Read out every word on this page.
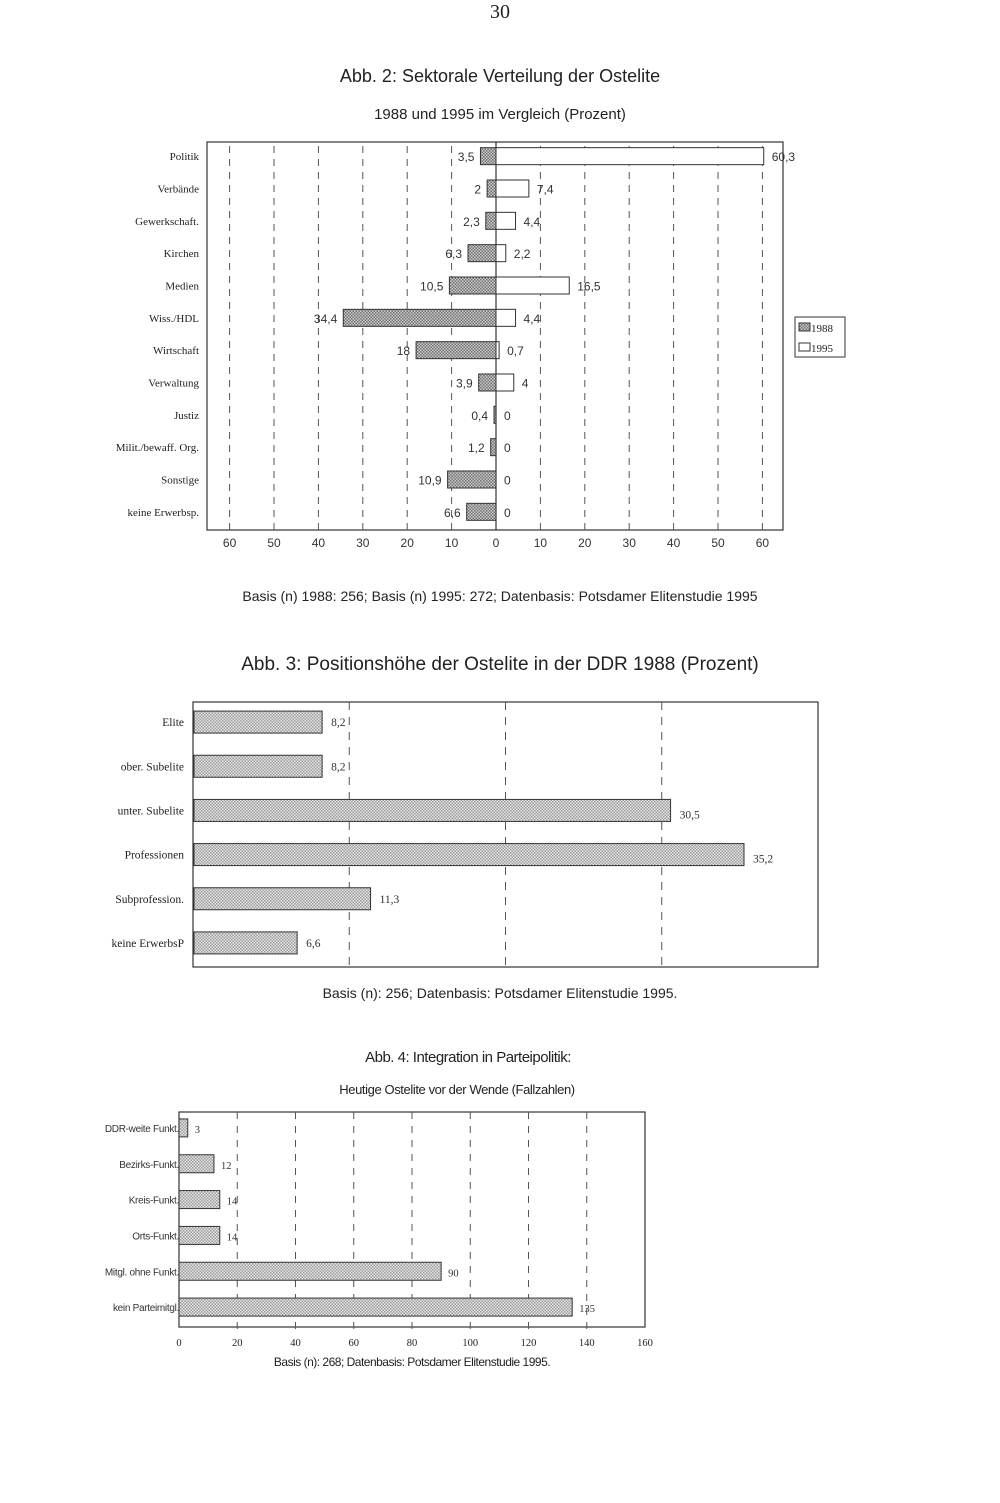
30
Abb. 2: Sektorale Verteilung der Ostelite
1988 und 1995 im Vergleich (Prozent)
60	50	40	30	20	10	0	10	20	30	40	50	60
Politik	3,5	60,3
Verbände	2	7,4
Gewerkschaft.	2,3	4,4
Kirchen	6,3	2,2
Medien	10,5	16,5
Wiss./HDL	34,4	4,4
Wirtschaft	18	0,7
Verwaltung	3,9	4
Justiz	0,4 0
Milit./bewaff. Org.	1,2 0
Sonstige	10,9	0
keine Erwerbsp.	6,6	0
1988
1995
Basis (n) 1988: 256; Basis (n) 1995: 272; Datenbasis: Potsdamer Elitenstudie 1995
Abb. 3: Positionshöhe der Ostelite in der DDR 1988 (Prozent)
Elite	8,2
ober. Subelite	8,2
unter. Subelite	30,5
Professionen	35,2
Subprofession.	11,3
keine ErwerbsP	6,6
Basis (n): 256; Datenbasis: Potsdamer Elitenstudie 1995.
Abb. 4: Integration in Parteipolitik:
Heutige Ostelite vor der Wende (Fallzahlen)
0	20	40	60	80	100	120	140	160
DDR-weite Funkt. 3
Bezirks-Funkt.	12
Kreis-Funkt.	14
Orts-Funkt.	14
Mitgl. ohne Funkt.	90
kein Parteimitgl.	135
Basis (n): 268; Datenbasis: Potsdamer Elitenstudie 1995.
